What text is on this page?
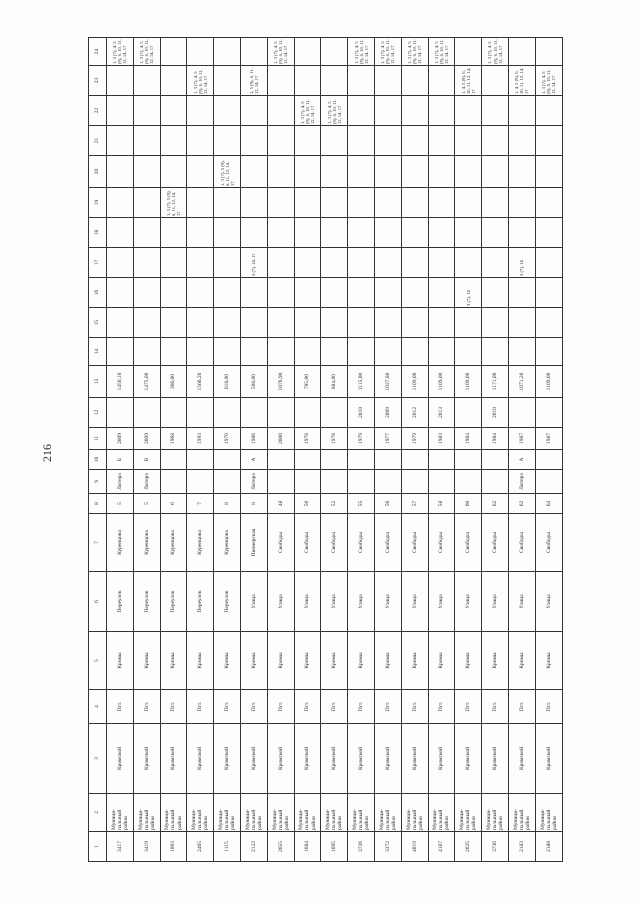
216
1	2	3	4	5	6	7	8	9	10	11	12	13	14	15	16	17	18	19	20	21	22	23	24
3417	Муници-пальный район	Кромской	Пгт.	Кромы	Переулок	Куренцова	5	Литера	Б	2009		1450,10											1, 3 (7), 4, 5 (9), 6, 10, 11, 12, 14, 17
3419	Муници-пальный район	Кромской	Пгт.	Кромы	Переулок	Куренцова	5	Литера	В	2009		1475,00											1, 3 (7), 4, 5 (9), 6, 10, 11, 12, 14, 17
1003	Муници-пальный район	Кромской	Пгт.	Кромы	Переулок	Куренцова	6			1968		366,00						1, 3 (7), 5 (9), 6, 11, 12, 14, 17					
2465	Муници-пальный район	Кромской	Пгт.	Кромы	Переулок	Куренцова	7			1993		1566,20										1, 3 (7), 4, 5 (9), 6, 10, 11, 12, 14, 17	
1115	Муници-пальный район	Кромской	Пгт.	Кромы	Переулок	Куренцова	8			1970		618,00							1, 3 (7), 5 (9), 6, 11, 12, 14, 17				
2122	Муници-пальный район	Кромской	Пгт.	Кромы	Улица	Пионерская	8	Литера	А	1986		508,00				3 (7), 14, 17						1, 5 (9), 6, 11, 12, 14, 17	
2655	Муници-пальный район	Кромской	Пгт.	Кромы	Улица	Свободы	48			2000		1076,90											1, 3 (7), 4, 5 (9), 6, 10, 11, 12, 14, 17
1684	Муници-пальный район	Кромской	Пгт.	Кромы	Улица	Свободы	50			1978		785,00									1, 3 (7), 4, 5 (9), 6, 10, 11, 12, 14, 17		
1695	Муници-пальный район	Кромской	Пгт.	Кромы	Улица	Свободы	52			1978		884,00									1, 3 (7), 4, 5 (9), 6, 10, 11, 12, 14, 17		
3726	Муници-пальный район	Кромской	Пгт.	Кромы	Улица	Свободы	55			1979	2010	1115,00											1, 3 (7), 4, 5 (9), 6, 10, 11, 12, 14, 17
3372	Муници-пальный район	Кромской	Пгт.	Кромы	Улица	Свободы	56			1977	2009	1027,80											1, 3 (7), 4, 5 (9), 6, 10, 11, 12, 14, 17
4019	Муници-пальный район	Кромской	Пгт.	Кромы	Улица	Свободы	57			1979	2012	1109,00											1, 3 (7), 4, 5 (9), 6, 10, 11, 12, 14, 17
4107	Муници-пальный район	Кромской	Пгт.	Кромы	Улица	Свободы	58			1983	2013	1109,00											1, 3 (7), 4, 5 (9), 6, 10, 11, 12, 14, 17
2025	Муници-пальный район	Кромской	Пгт.	Кромы	Улица	Свободы	60			1984		1109,00			3 (7), 14							1, 4, 5 (9), 6, 10, 11, 12, 14, 17	
3736	Муници-пальный район	Кромской	Пгт.	Кромы	Улица	Свободы	62			1984	2010	1171,00											1, 3 (7), 4, 5 (9), 6, 10, 11, 12, 14, 17
2183	Муници-пальный район	Кромской	Пгт.	Кромы	Улица	Свободы	62	Литера	А	1987		1071,20				3 (7), 14						1, 4, 5 (9), 6, 10, 11, 12, 14, 17	
2188	Муници-пальный район	Кромской	Пгт.	Кромы	Улица	Свободы	64			1987		1109,00										1, 3 (7), 4, 5 (9), 6, 10, 11, 12, 14, 17	
